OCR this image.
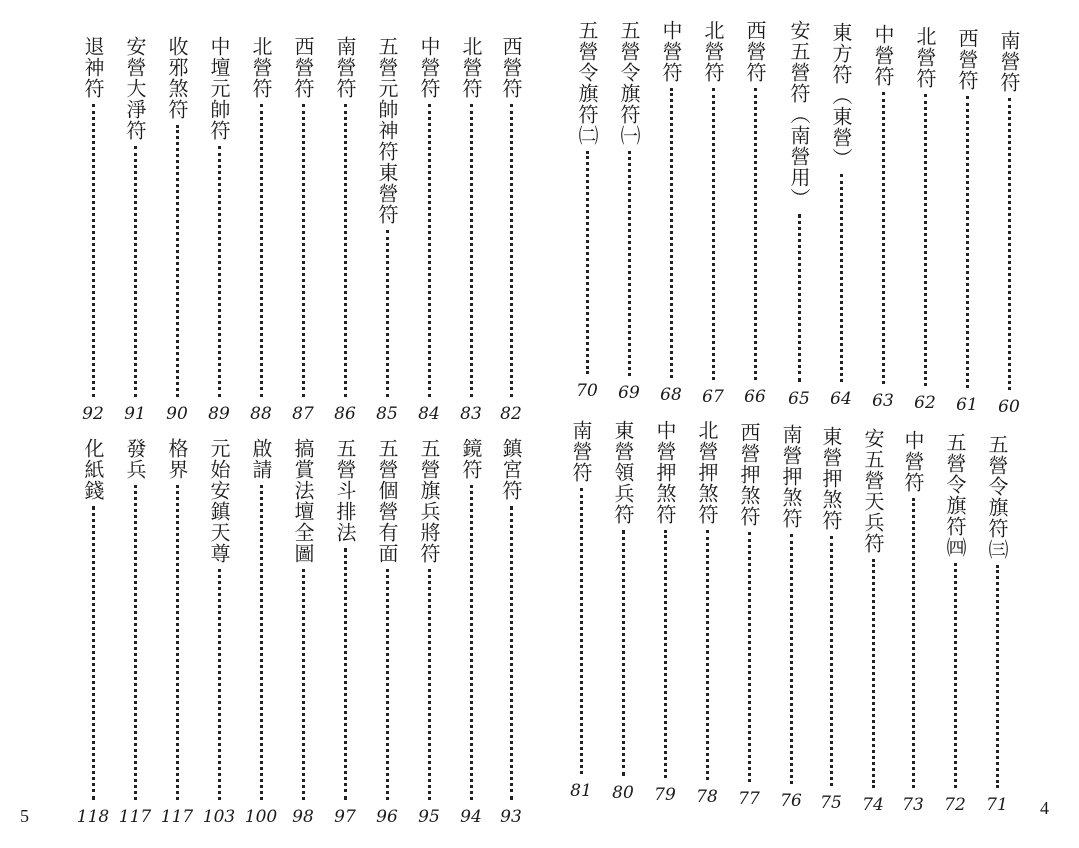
退神符
92
安營大淨符
91
收邪煞符
90
中壇元帥符
89
北營符
88
西營符
87
南營符
86
五營元帥神符東營符
85
中營符
84
北營符
83
西營符
82
化紙錢
118
發兵
117
格界
117
元始安鎮天尊
103
啟請
100
搞賞法壇全圖
98
五營斗排法
97
五營個營有面
96
五營旗兵將符
95
鏡符
94
鎮宮符
93
5
五營令旗符㈡
70
五營令旗符㈠
69
中營符
68
北營符
67
西營符
66
安五營符（南營用）
65
東方符（東營）
64
中營符
63
北營符
62
西營符
61
南營符
60
南營符
81
東營領兵符
80
中營押煞符
79
北營押煞符
78
西營押煞符
77
南營押煞符
76
東營押煞符
75
安五營天兵符
74
中營符
73
五營令旗符㈣
72
五營令旗符㈢
71 4
